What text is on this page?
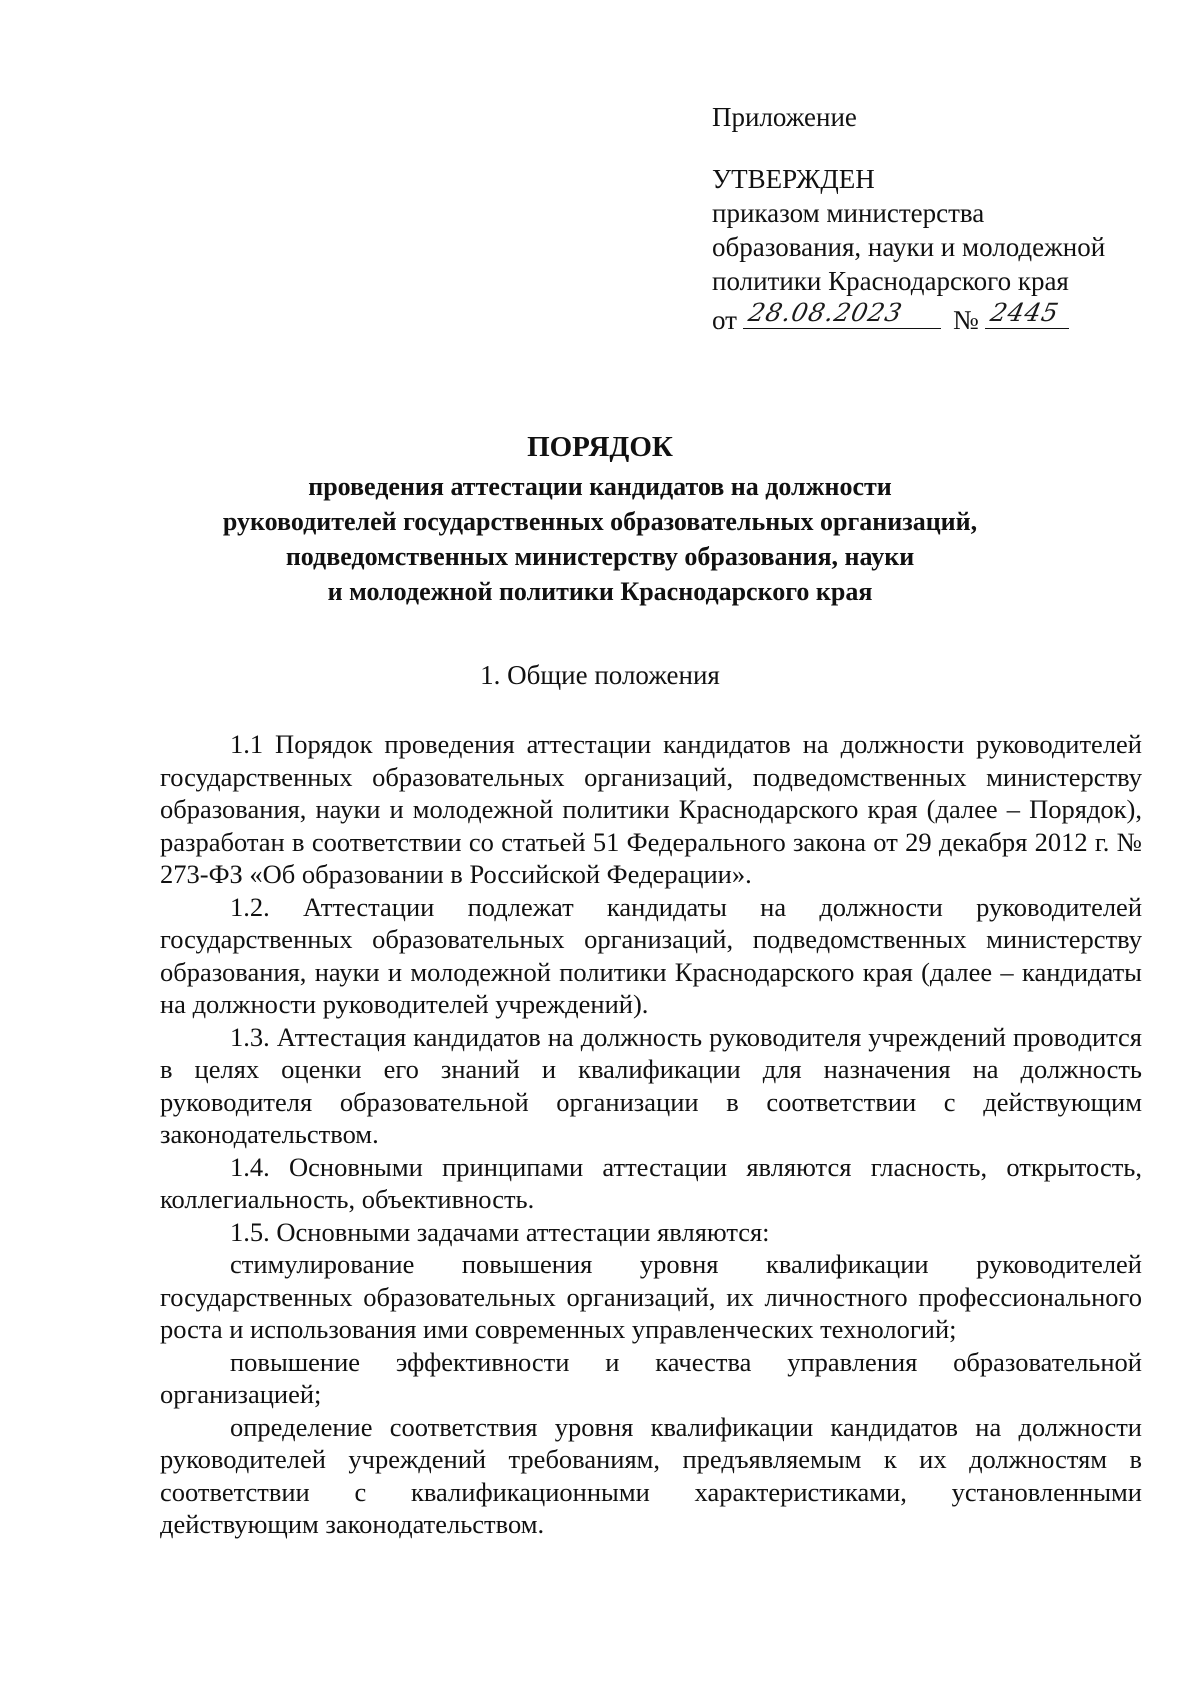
Приложение
УТВЕРЖДЕН
приказом министерства
образования, науки и молодежной
политики Краснодарского края
от 28.08.2023 № 2445
ПОРЯДОК
проведения аттестации кандидатов на должности
руководителей государственных образовательных организаций,
подведомственных министерству образования, науки
и молодежной политики Краснодарского края
1. Общие положения

1.1 Порядок проведения аттестации кандидатов на должности руководителей государственных образовательных организаций, подведомственных министерству образования, науки и молодежной политики Краснодарского края (далее – Порядок), разработан в соответствии со статьей 51 Федерального закона от 29 декабря 2012 г. № 273-ФЗ «Об образовании в Российской Федерации».

1.2. Аттестации подлежат кандидаты на должности руководителей государственных образовательных организаций, подведомственных министерству образования, науки и молодежной политики Краснодарского края (далее – кандидаты на должности руководителей учреждений).

1.3. Аттестация кандидатов на должность руководителя учреждений проводится в целях оценки его знаний и квалификации для назначения на должность руководителя образовательной организации в соответствии с действующим законодательством.

1.4. Основными принципами аттестации являются гласность, открытость, коллегиальность, объективность.

1.5. Основными задачами аттестации являются:

стимулирование повышения уровня квалификации руководителей государственных образовательных организаций, их личностного профессионального роста и использования ими современных управленческих технологий;

повышение эффективности и качества управления образовательной организацией;

определение соответствия уровня квалификации кандидатов на должности руководителей учреждений требованиям, предъявляемым к их должностям в соответствии с квалификационными характеристиками, установленными действующим законодательством.
